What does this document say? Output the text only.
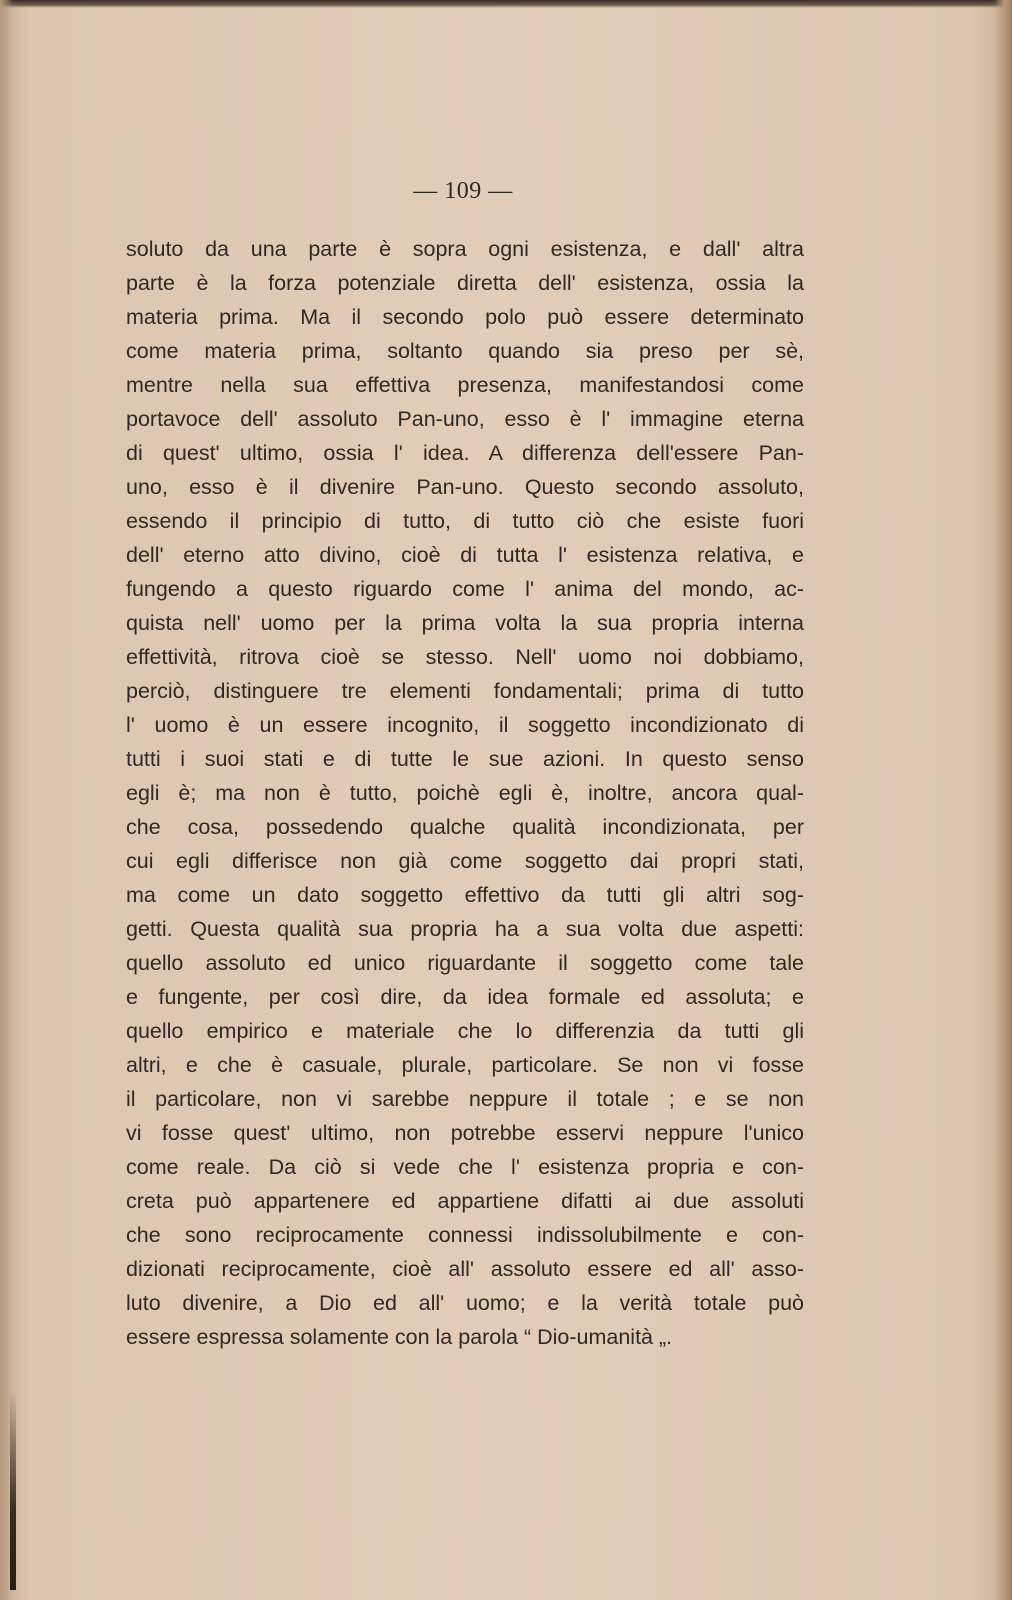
— 109 —
soluto da una parte è sopra ogni esistenza, e dall' altra
parte è la forza potenziale diretta dell' esistenza, ossia la
materia prima. Ma il secondo polo può essere determinato
come materia prima, soltanto quando sia preso per sè,
mentre nella sua effettiva presenza, manifestandosi come
portavoce dell' assoluto Pan-uno, esso è l' immagine eterna
di quest' ultimo, ossia l' idea. A differenza dell'essere Pan-
uno, esso è il divenire Pan-uno. Questo secondo assoluto,
essendo il principio di tutto, di tutto ciò che esiste fuori
dell' eterno atto divino, cioè di tutta l' esistenza relativa, e
fungendo a questo riguardo come l' anima del mondo, ac-
quista nell' uomo per la prima volta la sua propria interna
effettività, ritrova cioè se stesso. Nell' uomo noi dobbiamo,
perciò, distinguere tre elementi fondamentali; prima di tutto
l' uomo è un essere incognito, il soggetto incondizionato di
tutti i suoi stati e di tutte le sue azioni. In questo senso
egli è; ma non è tutto, poichè egli è, inoltre, ancora qual-
che cosa, possedendo qualche qualità incondizionata, per
cui egli differisce non già come soggetto dai propri stati,
ma come un dato soggetto effettivo da tutti gli altri sog-
getti. Questa qualità sua propria ha a sua volta due aspetti:
quello assoluto ed unico riguardante il soggetto come tale
e fungente, per così dire, da idea formale ed assoluta; e
quello empirico e materiale che lo differenzia da tutti gli
altri, e che è casuale, plurale, particolare. Se non vi fosse
il particolare, non vi sarebbe neppure il totale ; e se non
vi fosse quest' ultimo, non potrebbe esservi neppure l'unico
come reale. Da ciò si vede che l' esistenza propria e con-
creta può appartenere ed appartiene difatti ai due assoluti
che sono reciprocamente connessi indissolubilmente e con-
dizionati reciprocamente, cioè all' assoluto essere ed all' asso-
luto divenire, a Dio ed all' uomo; e la verità totale può
essere espressa solamente con la parola “ Dio-umanità „.
